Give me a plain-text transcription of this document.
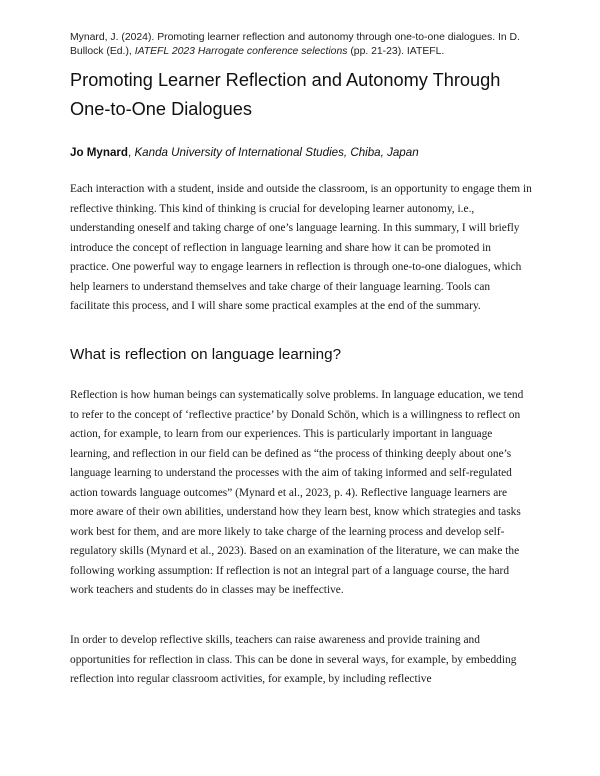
Mynard, J. (2024). Promoting learner reflection and autonomy through one-to-one dialogues. In D. Bullock (Ed.), IATEFL 2023 Harrogate conference selections (pp. 21-23). IATEFL.
Promoting Learner Reflection and Autonomy Through One-to-One Dialogues
Jo Mynard, Kanda University of International Studies, Chiba, Japan

Each interaction with a student, inside and outside the classroom, is an opportunity to engage them in reflective thinking. This kind of thinking is crucial for developing learner autonomy, i.e., understanding oneself and taking charge of one’s language learning. In this summary, I will briefly introduce the concept of reflection in language learning and share how it can be promoted in practice. One powerful way to engage learners in reflection is through one-to-one dialogues, which help learners to understand themselves and take charge of their language learning. Tools can facilitate this process, and I will share some practical examples at the end of the summary.

What is reflection on language learning?

Reflection is how human beings can systematically solve problems. In language education, we tend to refer to the concept of ‘reflective practice’ by Donald Schön, which is a willingness to reflect on action, for example, to learn from our experiences. This is particularly important in language learning, and reflection in our field can be defined as “the process of thinking deeply about one’s language learning to understand the processes with the aim of taking informed and self-regulated action towards language outcomes” (Mynard et al., 2023, p. 4). Reflective language learners are more aware of their own abilities, understand how they learn best, know which strategies and tasks work best for them, and are more likely to take charge of the learning process and develop self-regulatory skills (Mynard et al., 2023). Based on an examination of the literature, we can make the following working assumption: If reflection is not an integral part of a language course, the hard work teachers and students do in classes may be ineffective.

In order to develop reflective skills, teachers can raise awareness and provide training and opportunities for reflection in class. This can be done in several ways, for example, by embedding reflection into regular classroom activities, for example, by including reflective
